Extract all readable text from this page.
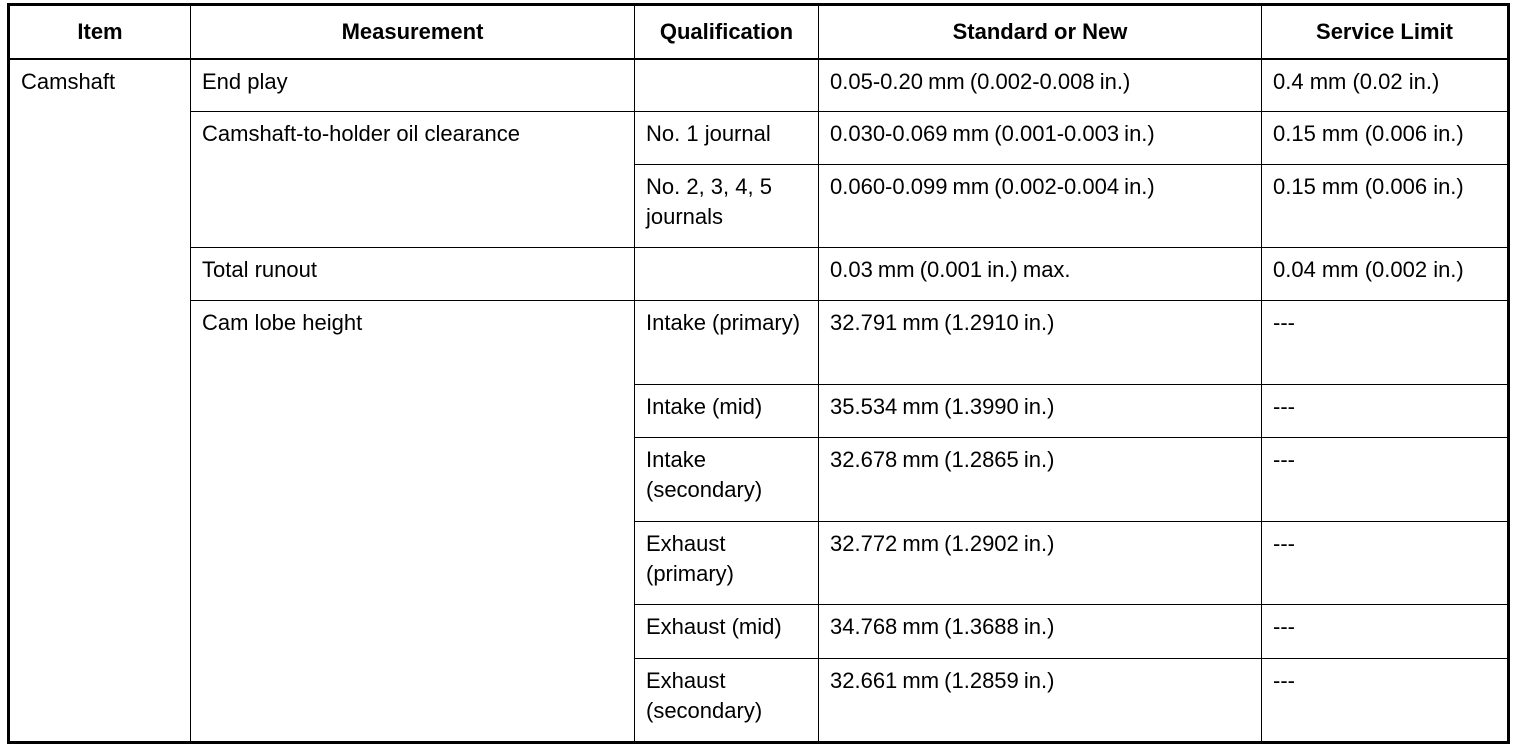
Item	Measurement	Qualification	Standard or New	Service Limit
Camshaft	End play		0.05-0.20 mm (0.002-0.008 in.)	0.4 mm (0.02 in.)
	Camshaft-to-holder oil clearance	No. 1 journal	0.030-0.069 mm (0.001-0.003 in.)	0.15 mm (0.006 in.)
		No. 2, 3, 4, 5 journals	0.060-0.099 mm (0.002-0.004 in.)	0.15 mm (0.006 in.)
	Total runout		0.03 mm (0.001 in.) max.	0.04 mm (0.002 in.)
	Cam lobe height	Intake (primary)	32.791 mm (1.2910 in.)	---
		Intake (mid)	35.534 mm (1.3990 in.)	---
		Intake (secondary)	32.678 mm (1.2865 in.)	---
		Exhaust (primary)	32.772 mm (1.2902 in.)	---
		Exhaust (mid)	34.768 mm (1.3688 in.)	---
		Exhaust (secondary)	32.661 mm (1.2859 in.)	---
